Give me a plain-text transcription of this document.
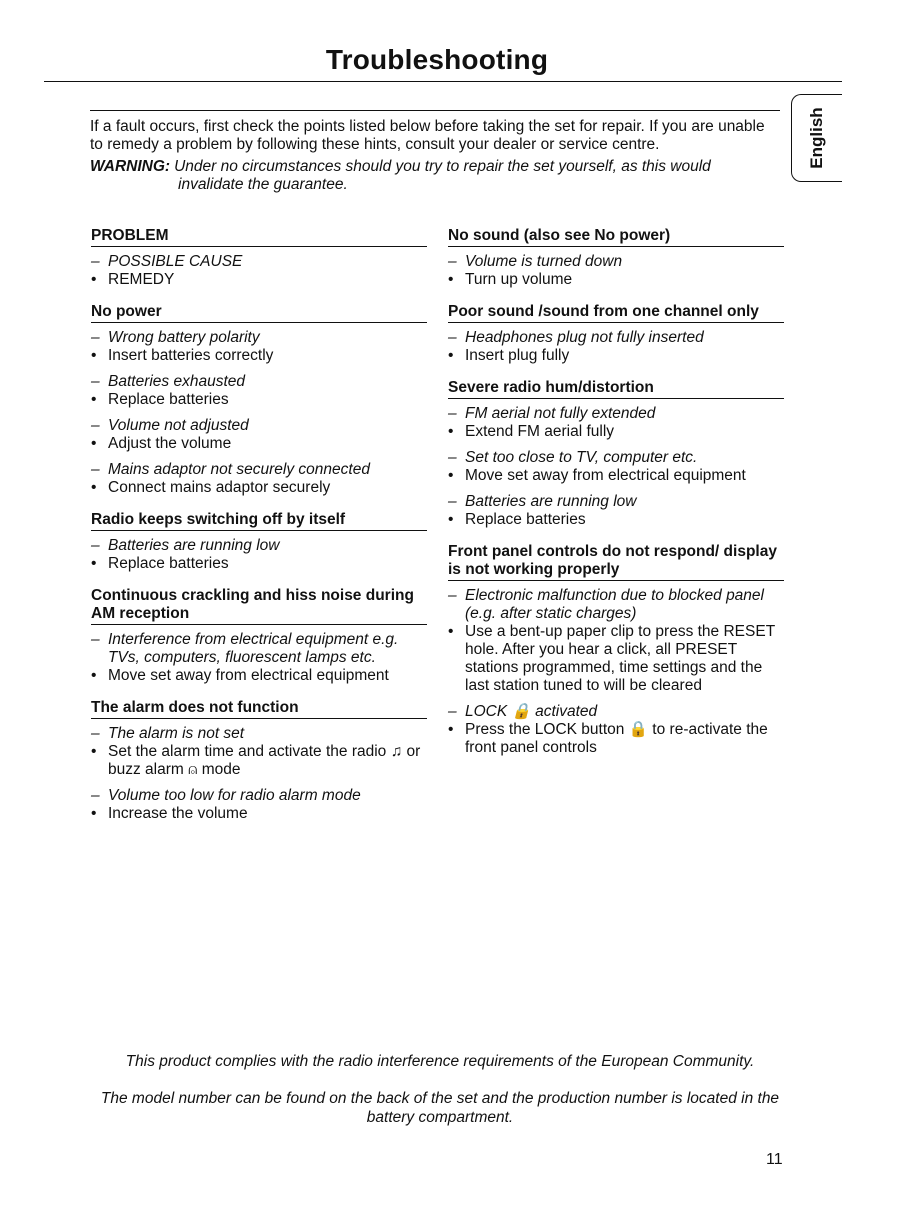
Troubleshooting
English

If a fault occurs, first check the points listed below before taking the set for repair. If you are unable to remedy a problem by following these hints, consult your dealer or service centre.

WARNING: Under no circumstances should you try to repair the set yourself, as this would
invalidate the guarantee.

PROBLEM
– POSSIBLE CAUSE
• REMEDY
No power
– Wrong battery polarity
• Insert batteries correctly
– Batteries exhausted
• Replace batteries
– Volume not adjusted
• Adjust the volume
– Mains adaptor not securely connected
• Connect mains adaptor securely
Radio keeps switching off by itself
– Batteries are running low
• Replace batteries
Continuous crackling and hiss noise during AM reception
– Interference from electrical equipment e.g. TVs, computers, fluorescent lamps etc.
• Move set away from electrical equipment
The alarm does not function
– The alarm is not set
• Set the alarm time and activate the radio ♫ or buzz alarm ⍝ mode
– Volume too low for radio alarm mode
• Increase the volume
No sound (also see No power)
– Volume is turned down
• Turn up volume
Poor sound /sound from one channel only
– Headphones plug not fully inserted
• Insert plug fully
Severe radio hum/distortion
– FM aerial not fully extended
• Extend FM aerial fully
– Set too close to TV, computer etc.
• Move set away from electrical equipment
– Batteries are running low
• Replace batteries
Front panel controls do not respond/ display is not working properly
– Electronic malfunction due to blocked panel (e.g. after static charges)
• Use a bent-up paper clip to press the RESET hole. After you hear a click, all PRESET stations programmed, time settings and the last station tuned to will be cleared
– LOCK 🔒 activated
• Press the LOCK button 🔒 to re-activate the front panel controls
This product complies with the radio interference requirements of the European Community.
The model number can be found on the back of the set and the production number is located in the battery compartment.
11
